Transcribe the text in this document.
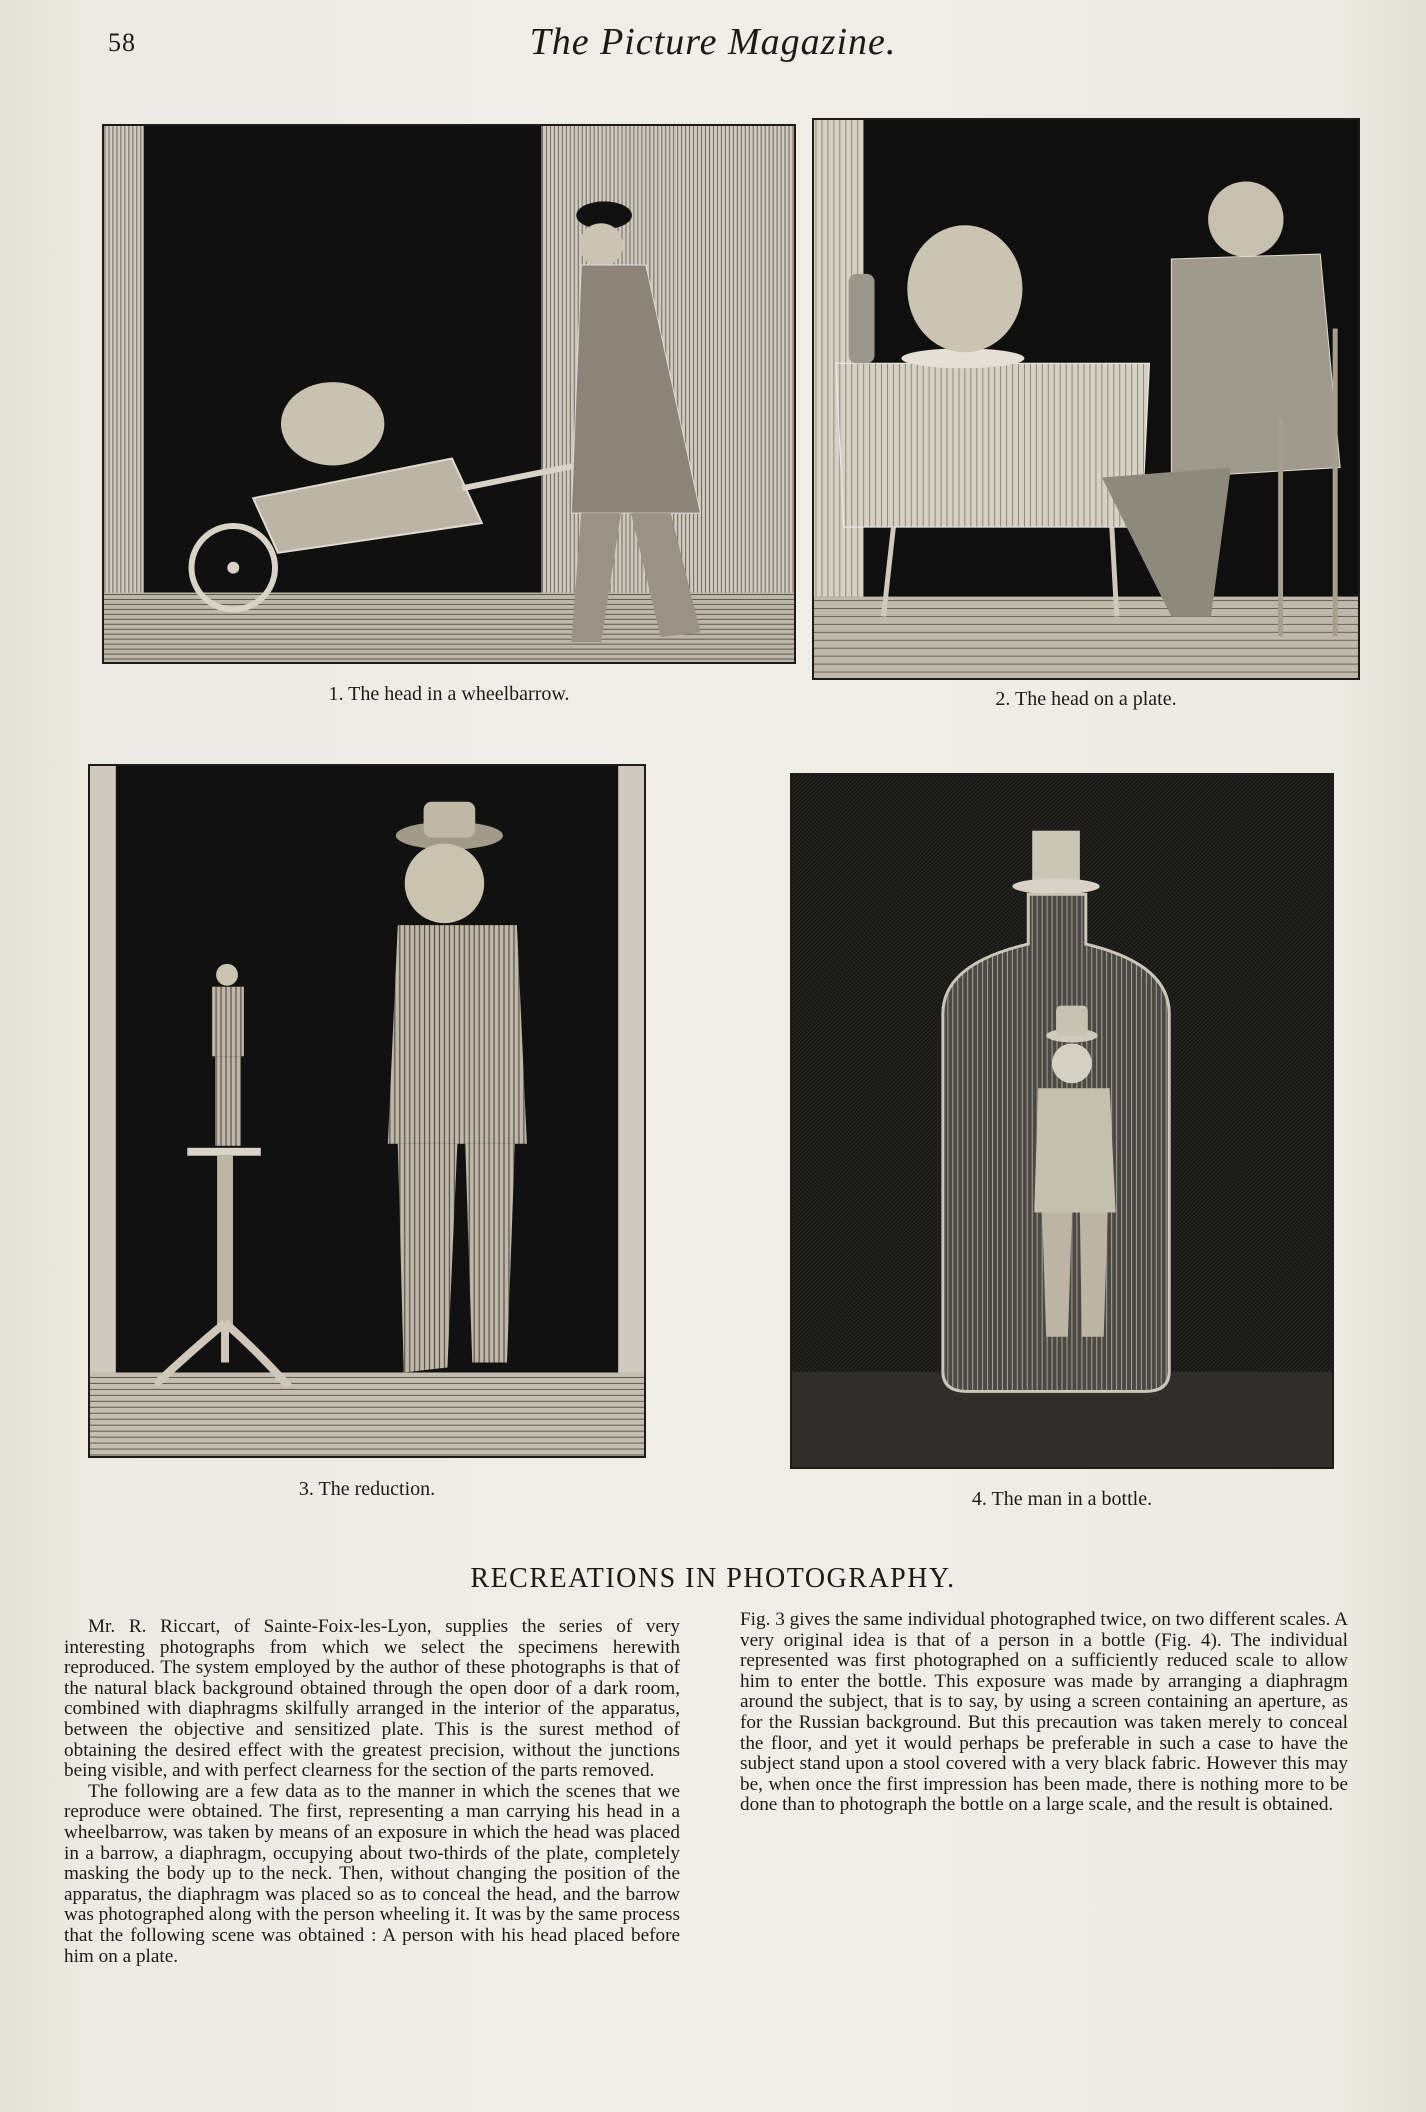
58	The Picture Magazine.
1. The head in a wheelbarrow.	2. The head on a plate.
3. The reduction.	4. The man in a bottle.
RECREATIONS IN PHOTOGRAPHY.

Mr. R. Riccart, of Sainte-Foix-les-Lyon, supplies the series of very interesting photographs from which we select the specimens herewith reproduced. The system employed by the author of these photographs is that of the natural black background obtained through the open door of a dark room, combined with diaphragms skilfully arranged in the interior of the apparatus, between the objective and sensitized plate. This is the surest method of obtaining the desired effect with the greatest precision, without the junctions being visible, and with perfect clearness for the section of the parts removed.

The following are a few data as to the manner in which the scenes that we reproduce were obtained. The first, representing a man carrying his head in a wheelbarrow, was taken by means of an exposure in which the head was placed in a barrow, a diaphragm, occupying about two-thirds of the plate, completely masking the body up to the neck. Then, without changing the position of the apparatus, the diaphragm was placed so as to conceal the head, and the barrow was photographed along with the person wheeling it. It was by the same process that the following scene was obtained : A person with his head placed before him on a plate.

Fig. 3 gives the same individual photographed twice, on two different scales. A very original idea is that of a person in a bottle (Fig. 4). The individual represented was first photographed on a sufficiently reduced scale to allow him to enter the bottle. This exposure was made by arranging a diaphragm around the subject, that is to say, by using a screen containing an aperture, as for the Russian background. But this precaution was taken merely to conceal the floor, and yet it would perhaps be preferable in such a case to have the subject stand upon a stool covered with a very black fabric. However this may be, when once the first impression has been made, there is nothing more to be done than to photograph the bottle on a large scale, and the result is obtained.
